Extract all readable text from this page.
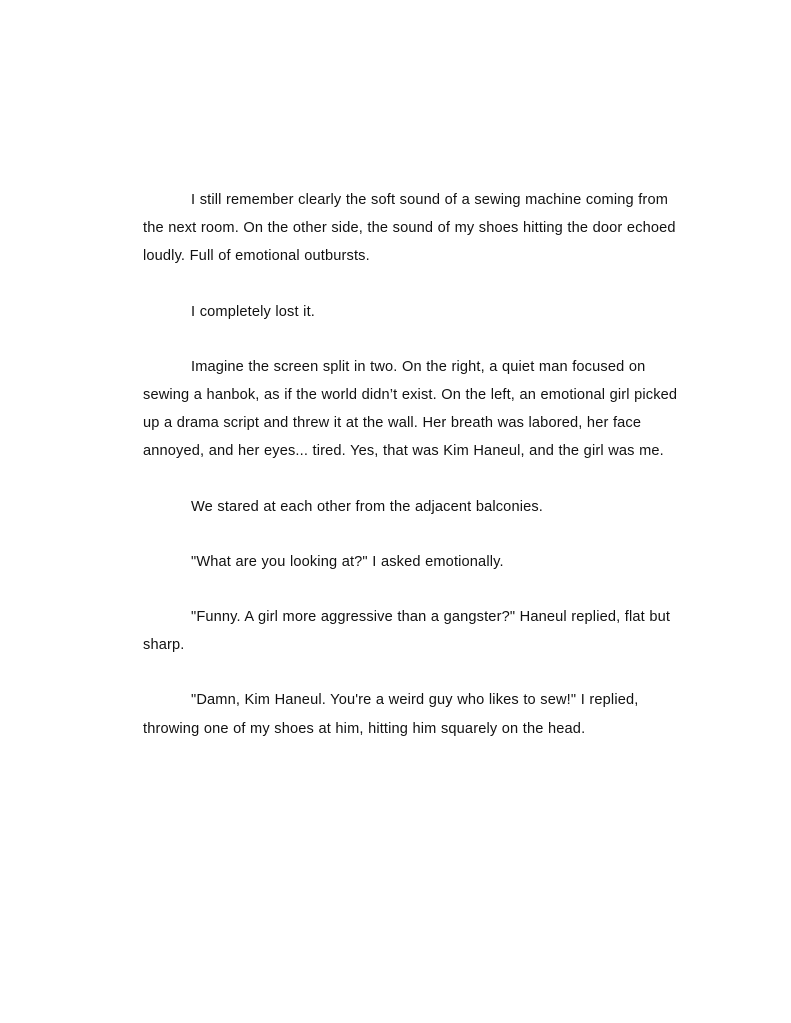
I still remember clearly the soft sound of a sewing machine coming from the next room. On the other side, the sound of my shoes hitting the door echoed loudly. Full of emotional outbursts.

I completely lost it.

Imagine the screen split in two. On the right, a quiet man focused on sewing a hanbok, as if the world didn’t exist. On the left, an emotional girl picked up a drama script and threw it at the wall. Her breath was labored, her face annoyed, and her eyes... tired. Yes, that was Kim Haneul, and the girl was me.

We stared at each other from the adjacent balconies.

"What are you looking at?" I asked emotionally.

"Funny. A girl more aggressive than a gangster?" Haneul replied, flat but sharp.

"Damn, Kim Haneul. You're a weird guy who likes to sew!" I replied, throwing one of my shoes at him, hitting him squarely on the head.
